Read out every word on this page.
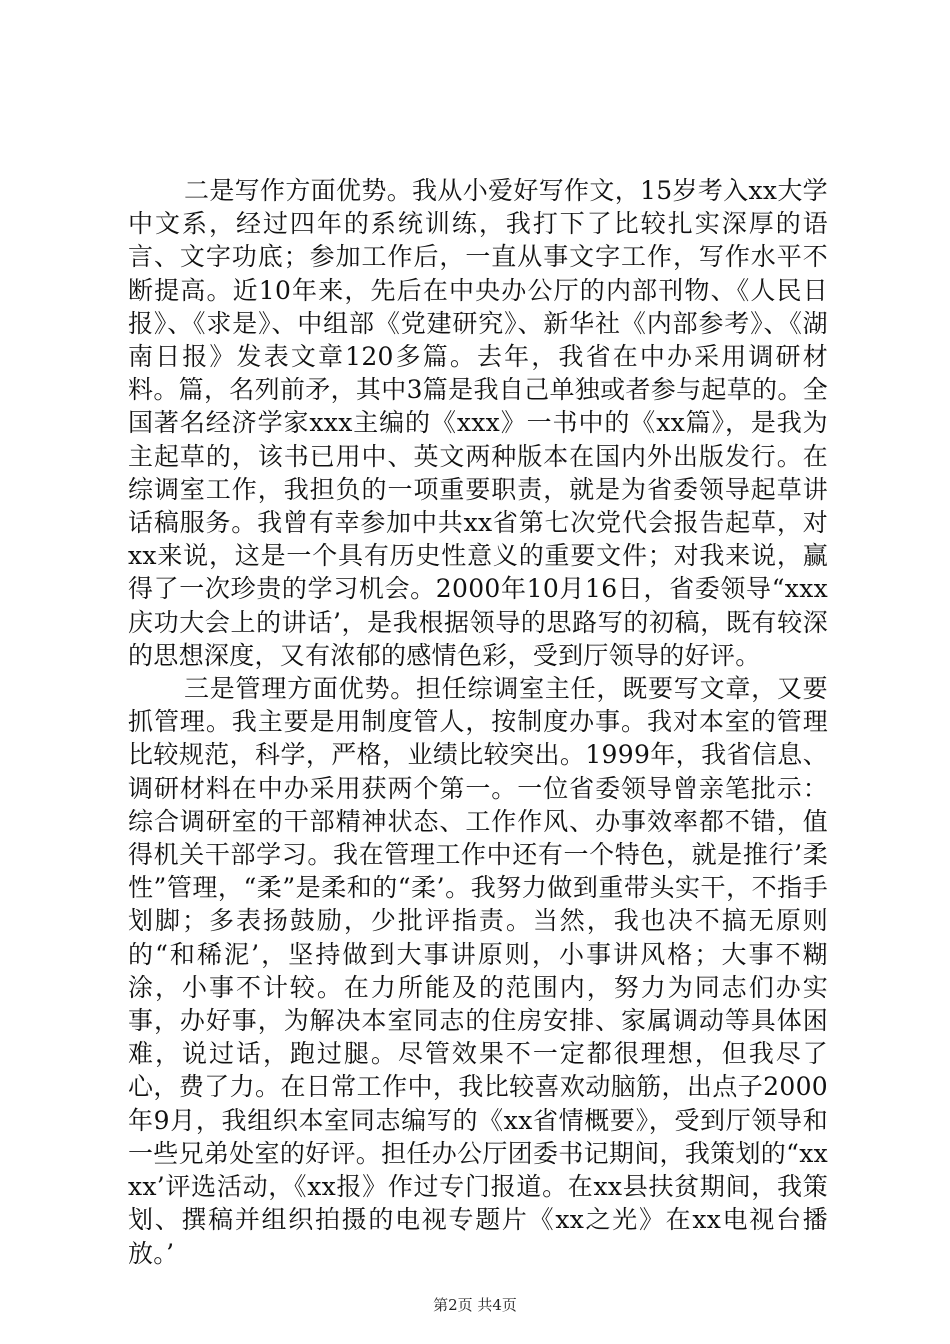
二是写作方面优势。我从小爱好写作文，15岁考入xx大学中文系，经过四年的系统训练，我打下了比较扎实深厚的语言、文字功底；参加工作后，一直从事文字工作，写作水平不断提高。近10年来，先后在中央办公厅的内部刊物、《人民日报》、《求是》、中组部《党建研究》、新华社《内部参考》、《湖南日报》发表文章120多篇。去年，我省在中办采用调研材料。篇，名列前矛，其中3篇是我自己单独或者参与起草的。全国著名经济学家xxx主编的《xxx》一书中的《xx篇》，是我为主起草的，该书已用中、英文两种版本在国内外出版发行。在综调室工作，我担负的一项重要职责，就是为省委领导起草讲话稿服务。我曾有幸参加中共xx省第七次党代会报告起草，对xx来说，这是一个具有历史性意义的重要文件；对我来说，赢得了一次珍贵的学习机会。2000年10月16日，省委领导“xxx庆功大会上的讲话’，是我根据领导的思路写的初稿，既有较深的思想深度，又有浓郁的感情色彩，受到厅领导的好评。

三是管理方面优势。担任综调室主任，既要写文章，又要抓管理。我主要是用制度管人，按制度办事。我对本室的管理比较规范，科学，严格，业绩比较突出。1999年，我省信息、调研材料在中办采用获两个第一。一位省委领导曾亲笔批示：综合调研室的干部精神状态、工作作风、办事效率都不错，值得机关干部学习。我在管理工作中还有一个特色，就是推行’柔性”管理，“柔”是柔和的“柔’。我努力做到重带头实干，不指手划脚；多表扬鼓励，少批评指责。当然，我也决不搞无原则的“和稀泥’，坚持做到大事讲原则，小事讲风格；大事不糊涂，小事不计较。在力所能及的范围内，努力为同志们办实事，办好事，为解决本室同志的住房安排、家属调动等具体困难，说过话，跑过腿。尽管效果不一定都很理想，但我尽了心，费了力。在日常工作中，我比较喜欢动脑筋，出点子2000年9月，我组织本室同志编写的《xx省情概要》，受到厅领导和一些兄弟处室的好评。担任办公厅团委书记期间，我策划的“xxxx’评选活动，《xx报》作过专门报道。在xx县扶贫期间，我策划、撰稿并组织拍摄的电视专题片《xx之光》在xx电视台播放。’

第2页 共4页
